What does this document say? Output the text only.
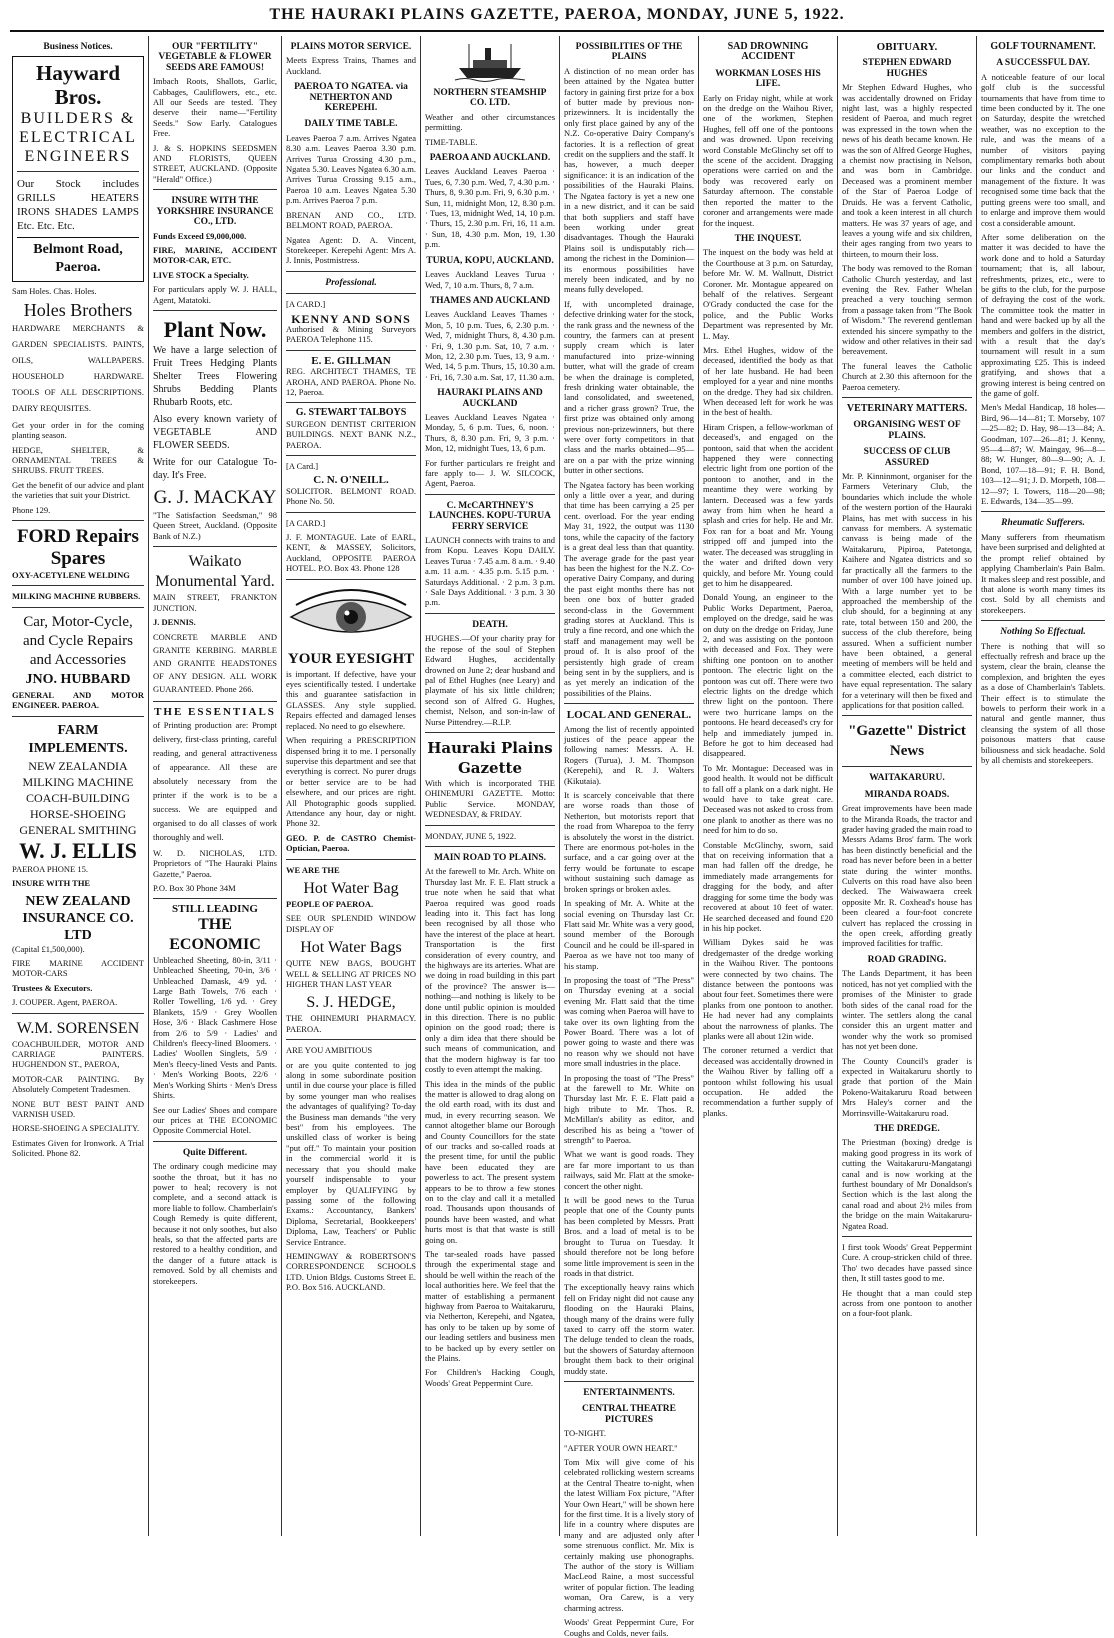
THE HAURAKI PLAINS GAZETTE, PAEROA, MONDAY, JUNE 5, 1922.
Business Notices.
Hayward Bros.
BUILDERS &
ELECTRICAL
ENGINEERS

Our Stock includes GRILLS HEATERS IRONS SHADES LAMPS Etc. Etc. Etc.

Belmont Road, Paeroa.

Sam Holes. Chas. Holes.

Holes Brothers

HARDWARE MERCHANTS & GARDEN SPECIALISTS. PAINTS, OILS, WALLPAPERS. HOUSEHOLD HARDWARE. TOOLS OF ALL DESCRIPTIONS. DAIRY REQUISITES.

Get your order in for the coming planting season.

HEDGE, SHELTER, & ORNAMENTAL TREES & SHRUBS. FRUIT TREES.

Get the benefit of our advice and plant the varieties that suit your District.

Phone 129.

FORD Repairs Spares

OXY-ACETYLENE WELDING

MILKING MACHINE RUBBERS.

Car, Motor-Cycle, and Cycle Repairs and Accessories
JNO. HUBBARD

GENERAL AND MOTOR ENGINEER. PAEROA.

FARM IMPLEMENTS.
NEW ZEALANDIA MILKING MACHINE
COACH-BUILDING HORSE-SHOEING GENERAL SMITHING
W. J. ELLIS

PAEROA PHONE 15.

INSURE WITH THE

NEW ZEALAND INSURANCE CO. LTD

(Capital £1,500,000).

FIRE MARINE ACCIDENT MOTOR-CARS

Trustees & Executors.

J. COUPER. Agent, PAEROA.

W.M. SORENSEN

COACHBUILDER, MOTOR AND CARRIAGE PAINTERS. HUGHENDON ST., PAEROA,

MOTOR-CAR PAINTING. By Absolutely Competent Tradesmen.

NONE BUT BEST PAINT AND VARNISH USED.

HORSE-SHOEING A SPECIALITY.

Estimates Given for Ironwork. A Trial Solicited. Phone 82.

OUR "FERTILITY" VEGETABLE & FLOWER SEEDS ARE FAMOUS!

Imbach Roots, Shallots, Garlic, Cabbages, Cauliflowers, etc., etc. All our Seeds are tested. They deserve their name—"Fertility Seeds." Sow Early. Catalogues Free.

J. & S. HOPKINS SEEDSMEN AND FLORISTS, QUEEN STREET, AUCKLAND. (Opposite "Herald" Office.)

INSURE WITH THE YORKSHIRE INSURANCE CO., LTD.

Funds Exceed £9,000,000.

FIRE, MARINE, ACCIDENT MOTOR-CAR, ETC.

LIVE STOCK a Specialty.

For particulars apply W. J. HALL, Agent, Matatoki.

Plant Now.

We have a large selection of Fruit Trees Hedging Plants Shelter Trees Flowering Shrubs Bedding Plants Rhubarb Roots, etc.

Also every known variety of VEGETABLE AND FLOWER SEEDS.

Write for our Catalogue To-day. It's Free.

G. J. MACKAY

"The Satisfaction Seedsman," 98 Queen Street, Auckland. (Opposite Bank of N.Z.)

Waikato Monumental Yard.

MAIN STREET, FRANKTON JUNCTION.

J. DENNIS.

CONCRETE MARBLE AND GRANITE KERBING. MARBLE AND GRANITE HEADSTONES OF ANY DESIGN. ALL WORK GUARANTEED. Phone 266.

THE ESSENTIALS

of Printing production are: Prompt delivery, first-class printing, careful reading, and general attractiveness of appearance. All these are absolutely necessary from the printer if the work is to be a success. We are equipped and organised to do all classes of work thoroughly and well.

W. D. NICHOLAS, LTD. Proprietors of "The Hauraki Plains Gazette," Paeroa.

P.O. Box 30 Phone 34M

STILL LEADING
THE ECONOMIC

Unbleached Sheeting, 80-in, 3/11 · Unbleached Sheeting, 70-in, 3/6 · Unbleached Damask, 4/9 yd. · Large Bath Towels, 7/6 each · Roller Towelling, 1/6 yd. · Grey Blankets, 15/9 · Grey Woollen Hose, 3/6 · Black Cashmere Hose from 2/6 to 5/9 · Ladies' and Children's fleecy-lined Bloomers. · Ladies' Woollen Singlets, 5/9 · Men's fleecy-lined Vests and Pants. · Men's Working Boots, 22/6 · Men's Working Shirts · Men's Dress Shirts.

See our Ladies' Shoes and compare our prices at THE ECONOMIC Opposite Commercial Hotel.

Quite Different.

The ordinary cough medicine may soothe the throat, but it has no power to heal; recovery is not complete, and a second attack is more liable to follow. Chamberlain's Cough Remedy is quite different, because it not only soothes, but also heals, so that the affected parts are restored to a healthy condition, and the danger of a future attack is removed. Sold by all chemists and storekeepers.

PLAINS MOTOR SERVICE.

Meets Express Trains, Thames and Auckland.

PAEROA TO NGATEA. via NETHERTON AND KEREPEHI.
DAILY TIME TABLE.

Leaves Paeroa 7 a.m. Arrives Ngatea 8.30 a.m. Leaves Paeroa 3.30 p.m. Arrives Turua Crossing 4.30 p.m., Ngatea 5.30. Leaves Ngatea 6.30 a.m. Arrives Turua Crossing 9.15 a.m., Paeroa 10 a.m. Leaves Ngatea 5.30 p.m. Arrives Paeroa 7 p.m.

BRENAN AND CO., LTD. BELMONT ROAD, PAEROA.

Ngatea Agent: D. A. Vincent, Storekeeper. Kerepehi Agent: Mrs A. J. Innis, Postmistress.

Professional.

[A CARD.]

KENNY AND SONS

Authorised & Mining Surveyors PAEROA Telephone 115.

E. E. GILLMAN

REG. ARCHITECT THAMES, TE AROHA, AND PAEROA. Phone No. 12, Paeroa.

G. STEWART TALBOYS

SURGEON DENTIST CRITERION BUILDINGS. NEXT BANK N.Z., PAEROA.

[A Card.]

C. N. O'NEILL.

SOLICITOR. BELMONT ROAD. Phone No. 50.

[A CARD.]

J. F. MONTAGUE. Late of EARL, KENT, & MASSEY, Solicitors, Auckland, OPPOSITE PAEROA HOTEL. P.O. Box 43. Phone 128

YOUR EYESIGHT

is important. If defective, have your eyes scientifically tested. I undertake this and guarantee satisfaction in GLASSES. Any style supplied. Repairs effected and damaged lenses replaced. No need to go elsewhere.

When requiring a PRESCRIPTION dispensed bring it to me. I personally supervise this department and see that everything is correct. No purer drugs or better service are to be had elsewhere, and our prices are right. All Photographic goods supplied. Attendance any hour, day or night. Phone 32.

GEO. P. de CASTRO Chemist-Optician, Paeroa.

WE ARE THE

Hot Water Bag

PEOPLE OF PAEROA.

SEE OUR SPLENDID WINDOW DISPLAY OF

Hot Water Bags

QUITE NEW BAGS, BOUGHT WELL & SELLING AT PRICES NO HIGHER THAN LAST YEAR

S. J. HEDGE,

THE OHINEMURI PHARMACY. PAEROA.

ARE YOU AMBITIOUS

or are you quite contented to jog along in some subordinate position until in due course your place is filled by some younger man who realises the advantages of qualifying? To-day the Business man demands "the very best" from his employees. The unskilled class of worker is being "put off." To maintain your position in the commercial world it is necessary that you should make yourself indispensable to your employer by QUALIFYING by passing some of the following Exams.: Accountancy, Bankers' Diploma, Secretarial, Bookkeepers' Diploma, Law, Teachers' or Public Service Entrance.

HEMINGWAY & ROBERTSON'S CORRESPONDENCE SCHOOLS LTD. Union Bldgs. Customs Street E. P.O. Box 516. AUCKLAND.

NORTHERN STEAMSHIP CO. LTD.

Weather and other circumstances permitting.

TIME-TABLE.

PAEROA AND AUCKLAND.

Leaves Auckland Leaves Paeroa · Tues, 6, 7.30 p.m. Wed, 7, 4.30 p.m. · Thurs, 8, 9.30 p.m. Fri, 9, 6.30 p.m. · Sun, 11, midnight Mon, 12, 8.30 p.m. · Tues, 13, midnight Wed, 14, 10 p.m. · Thurs, 15, 2.30 p.m. Fri, 16, 11 a.m. · Sun, 18, 4.30 p.m. Mon, 19, 1.30 p.m.

TURUA, KOPU, AUCKLAND.

Leaves Auckland Leaves Turua · Wed, 7, 10 a.m. Thurs, 8, 7 a.m.

THAMES AND AUCKLAND

Leaves Auckland Leaves Thames · Mon, 5, 10 p.m. Tues, 6, 2.30 p.m. · Wed, 7, midnight Thurs, 8, 4.30 p.m. · Fri, 9, 1.30 p.m. Sat, 10, 7 a.m. · Mon, 12, 2.30 p.m. Tues, 13, 9 a.m. · Wed, 14, 5 p.m. Thurs, 15, 10.30 a.m. · Fri, 16, 7.30 a.m. Sat, 17, 11.30 a.m.

HAURAKI PLAINS AND AUCKLAND

Leaves Auckland Leaves Ngatea · Monday, 5, 6 p.m. Tues, 6, noon. · Thurs, 8, 8.30 p.m. Fri, 9, 3 p.m. · Mon, 12, midnight Tues, 13, 6 p.m.

For further particulars re freight and fare apply to— J. W. SILCOCK, Agent, Paeroa.

C. McCARTHNEY'S LAUNCHES. KOPU-TURUA FERRY SERVICE

LAUNCH connects with trains to and from Kopu. Leaves Kopu DAILY. Leaves Turua · 7.45 a.m. 8 a.m. · 9.40 a.m. 11 a.m. · 4.35 p.m. 5.15 p.m. · Saturdays Additional. · 2 p.m. 3 p.m. · Sale Days Additional. · 3 p.m. 3 30 p.m.

DEATH.

HUGHES.—Of your charity pray for the repose of the soul of Stephen Edward Hughes, accidentally drowned on June 2; dear husband and pal of Ethel Hughes (nee Leary) and playmate of his six little children; second son of Alfred G. Hughes, chemist, Nelson, and son-in-law of Nurse Pittendrey.—R.I.P.

Hauraki Plains Gazette

With which is incorporated THE OHINEMURI GAZETTE. Motto: Public Service. MONDAY, WEDNESDAY, & FRIDAY.

MONDAY, JUNE 5, 1922.

MAIN ROAD TO PLAINS.

At the farewell to Mr. Arch. White on Thursday last Mr. F. E. Flatt struck a true note when he said that what Paeroa required was good roads leading into it. This fact has long been recognised by all those who have the interest of the place at heart. Transportation is the first consideration of every country, and the highways are its arteries. What are we doing in road building in this part of the province? The answer is—nothing—and nothing is likely to be done until public opinion is moulded in this direction. There is no public opinion on the good road; there is only a dim idea that there should be such means of communication, and that the modern highway is far too costly to even attempt the making.

This idea in the minds of the public the matter is allowed to drag along on the old earth road, with its dust and mud, in every recurring season. We cannot altogether blame our Borough and County Councillors for the state of our tracks and so-called roads at the present time, for until the public have been educated they are powerless to act. The present system appears to be to throw a few stones on to the clay and call it a metalled road. Thousands upon thousands of pounds have been wasted, and what hurts most is that that waste is still going on.

The tar-sealed roads have passed through the experimental stage and should be well within the reach of the local authorities here. We feel that the matter of establishing a permanent highway from Paeroa to Waitakaruru, via Netherton, Kerepehi, and Ngatea, has only to be taken up by some of our leading settlers and business men to be backed up by every settler on the Plains.

For Children's Hacking Cough, Woods' Great Peppermint Cure.

POSSIBILITIES OF THE PLAINS

A distinction of no mean order has been attained by the Ngatea butter factory in gaining first prize for a box of butter made by previous non-prizewinners. It is incidentally the only first place gained by any of the N.Z. Co-operative Dairy Company's factories. It is a reflection of great credit on the suppliers and the staff. It has, however, a much deeper significance: it is an indication of the possibilities of the Hauraki Plains. The Ngatea factory is yet a new one in a new district, and it can be said that both suppliers and staff have been working under great disadvantages. Though the Hauraki Plains soil is undisputably rich—among the richest in the Dominion—its enormous possibilities have merely been indicated, and by no means fully developed.

If, with uncompleted drainage, defective drinking water for the stock, the rank grass and the newness of the country, the farmers can at present supply cream which is later manufactured into prize-winning butter, what will the grade of cream be when the drainage is completed, fresh drinking water obtainable, the land consolidated, and sweetened, and a richer grass grown? True, the first prize was obtained only among previous non-prizewinners, but there were over forty competitors in that class and the marks obtained—95—are on a par with the prize winning butter in other sections.

The Ngatea factory has been working only a little over a year, and during that time has been carrying a 25 per cent. overload. For the year ending May 31, 1922, the output was 1130 tons, while the capacity of the factory is a great deal less than that quantity. The average grade for the past year has been the highest for the N.Z. Co-operative Dairy Company, and during the past eight months there has not been one box of butter graded second-class in the Government grading stores at Auckland. This is truly a fine record, and one which the staff and management may well be proud of. It is also proof of the persistently high grade of cream being sent in by the suppliers, and is as yet merely an indication of the possibilities of the Plains.

LOCAL AND GENERAL.

Among the list of recently appointed justices of the peace appear the following names: Messrs. A. H. Rogers (Turua), J. M. Thompson (Kerepehi), and R. J. Walters (Kikutaia).

It is scarcely conceivable that there are worse roads than those of Netherton, but motorists report that the road from Wharepoa to the ferry is absolutely the worst in the district. There are enormous pot-holes in the surface, and a car going over at the ferry would be fortunate to escape without sustaining such damage as broken springs or broken axles.

In speaking of Mr. A. White at the social evening on Thursday last Cr. Flatt said Mr. White was a very good, sound member of the Borough Council and he could be ill-spared in Paeroa as we have not too many of his stamp.

In proposing the toast of "The Press" on Thursday evening at a social evening Mr. Flatt said that the time was coming when Paeroa will have to take over its own lighting from the Power Board. There was a lot of power going to waste and there was no reason why we should not have more small industries in the place.

In proposing the toast of "The Press" at the farewell to Mr. White on Thursday last Mr. F. E. Flatt paid a high tribute to Mr. Thos. R. McMillan's ability as editor, and described his as being a "tower of strength" to Paeroa.

What we want is good roads. They are far more important to us than railways, said Mr. Flatt at the smoke-concert the other night.

It will be good news to the Turua people that one of the County punts has been completed by Messrs. Pratt Bros. and a load of metal is to be brought to Turua on Tuesday. It should therefore not be long before some little improvement is seen in the roads in that district.

The exceptionally heavy rains which fell on Friday night did not cause any flooding on the Hauraki Plains, though many of the drains were fully taxed to carry off the storm water. The deluge tended to clean the roads, but the showers of Saturday afternoon brought them back to their original muddy state.

ENTERTAINMENTS.
CENTRAL THEATRE PICTURES

TO-NIGHT.

"AFTER YOUR OWN HEART."

Tom Mix will give come of his celebrated rollicking western screams at the Central Theatre to-night, when the latest William Fox picture, "After Your Own Heart," will be shown here for the first time. It is a lively story of life in a country where disputes are many and are adjusted only after some strenuous conflict. Mr. Mix is certainly making use phonographs. The author of the story is William MacLeod Raine, a most successful writer of popular fiction. The leading woman, Ora Carew, is a very charming actress.

Woods' Great Peppermint Cure, For Coughs and Colds, never fails.

SAD DROWNING ACCIDENT
WORKMAN LOSES HIS LIFE.

Early on Friday night, while at work on the dredge on the Waihou River, one of the workmen, Stephen Hughes, fell off one of the pontoons and was drowned. Upon receiving word Constable McGlinchy set off to the scene of the accident. Dragging operations were carried on and the body was recovered early on Saturday afternoon. The constable then reported the matter to the coroner and arrangements were made for the inquest.

THE INQUEST.

The inquest on the body was held at the Courthouse at 3 p.m. on Saturday, before Mr. W. M. Wallnutt, District Coroner. Mr. Montague appeared on behalf of the relatives. Sergeant O'Grady conducted the case for the police, and the Public Works Department was represented by Mr. L. May.

Mrs. Ethel Hughes, widow of the deceased, identified the body as that of her late husband. He had been employed for a year and nine months on the dredge. They had six children. When deceased left for work he was in the best of health.

Hiram Crispen, a fellow-workman of deceased's, and engaged on the pontoon, said that when the accident happened they were connecting electric light from one portion of the pontoon to another, and in the meantime they were working by lantern. Deceased was a few yards away from him when he heard a splash and cries for help. He and Mr. Fox ran for a boat and Mr. Young stripped off and jumped into the water. The deceased was struggling in the water and drifted down very quickly, and before Mr. Young could get to him he disappeared.

Donald Young, an engineer to the Public Works Department, Paeroa, employed on the dredge, said he was on duty on the dredge on Friday, June 2, and was assisting on the pontoon with deceased and Fox. They were shifting one pontoon on to another pontoon. The electric light on the pontoon was cut off. There were two electric lights on the dredge which threw light on the pontoon. There were two hurricane lamps on the pontoons. He heard deceased's cry for help and immediately jumped in. Before he got to him deceased had disappeared.

To Mr. Montague: Deceased was in good health. It would not be difficult to fall off a plank on a dark night. He would have to take great care. Deceased was not asked to cross from one plank to another as there was no need for him to do so.

Constable McGlinchy, sworn, said that on receiving information that a man had fallen off the dredge, he immediately made arrangements for dragging for the body, and after dragging for some time the body was recovered at about 10 feet of water. He searched deceased and found £20 in his hip pocket.

William Dykes said he was dredgemaster of the dredge working in the Waihou River. The pontoons were connected by two chains. The distance between the pontoons was about four feet. Sometimes there were planks from one pontoon to another. He had never had any complaints about the narrowness of planks. The planks were all about 12in wide.

The coroner returned a verdict that deceased was accidentally drowned in the Waihou River by falling off a pontoon whilst following his usual occupation. He added the recommendation a further supply of planks.

OBITUARY.
STEPHEN EDWARD HUGHES

Mr Stephen Edward Hughes, who was accidentally drowned on Friday night last, was a highly respected resident of Paeroa, and much regret was expressed in the town when the news of his death became known. He was the son of Alfred George Hughes, a chemist now practising in Nelson, and was born in Cambridge. Deceased was a prominent member of the Star of Paeroa Lodge of Druids. He was a fervent Catholic, and took a keen interest in all church matters. He was 37 years of age, and leaves a young wife and six children, their ages ranging from two years to thirteen, to mourn their loss.

The body was removed to the Roman Catholic Church yesterday, and last evening the Rev. Father Whelan preached a very touching sermon from a passage taken from "The Book of Wisdom." The reverend gentleman extended his sincere sympathy to the widow and other relatives in their sad bereavement.

The funeral leaves the Catholic Church at 2.30 this afternoon for the Paeroa cemetery.

VETERINARY MATTERS.
ORGANISING WEST OF PLAINS.
SUCCESS OF CLUB ASSURED

Mr. P. Kinninmont, organiser for the Farmers Veterinary Club, the boundaries which include the whole of the western portion of the Hauraki Plains, has met with success in his canvass for members. A systematic canvass is being made of the Waitakaruru, Pipiroa, Patetonga, Kaihere and Ngatea districts and so far practically all the farmers to the number of over 100 have joined up. With a large number yet to be approached the membership of the club should, for a beginning at any rate, total between 150 and 200, the success of the club therefore, being assured. When a sufficient number have been obtained, a general meeting of members will be held and a committee elected, each district to have equal representation. The salary for a veterinary will then be fixed and applications for that position called.

"Gazette" District News
WAITAKARURU.
MIRANDA ROADS.

Great improvements have been made to the Miranda Roads, the tractor and grader having graded the main road to Messrs Adams Bros' farm. The work has been distinctly beneficial and the road has never before been in a better state during the winter months. Culverts on this road have also been decked. The Waiwawaera creek opposite Mr. R. Coxhead's house has been cleared a four-foot concrete culvert has replaced the crossing in the open creek, affording greatly improved facilities for traffic.

ROAD GRADING.

The Lands Department, it has been noticed, has not yet complied with the promises of the Minister to grade both sides of the canal road for the winter. The settlers along the canal consider this an urgent matter and wonder why the work so promised has not yet been done.

The County Council's grader is expected in Waitakaruru shortly to grade that portion of the Main Pokeno-Waitakaruru Road between Mrs Haley's corner and the Morrinsville-Waitakaruru road.

THE DREDGE.

The Priestman (boxing) dredge is making good progress in its work of cutting the Waitakaruru-Mangatangi canal and is now working at the furthest boundary of Mr Donaldson's Section which is the last along the canal road and about 2½ miles from the bridge on the main Waitakaruru-Ngatea Road.

I first took Woods' Great Peppermint Cure. A croup-stricken child of three. Tho' two decades have passed since then, It still tastes good to me.

He thought that a man could step across from one pontoon to another on a four-foot plank.

GOLF TOURNAMENT.
A SUCCESSFUL DAY.

A noticeable feature of our local golf club is the successful tournaments that have from time to time been conducted by it. The one on Saturday, despite the wretched weather, was no exception to the rule, and was the means of a number of visitors paying complimentary remarks both about our links and the conduct and management of the fixture. It was recognised some time back that the putting greens were too small, and to enlarge and improve them would cost a considerable amount.

After some deliberation on the matter it was decided to have the work done and to hold a Saturday tournament; that is, all labour, refreshments, prizes, etc., were to be gifts to the club, for the purpose of defraying the cost of the work. The committee took the matter in hand and were backed up by all the members and golfers in the district, with a result that the day's tournament will result in a sum approximating £25. This is indeed gratifying, and shows that a growing interest is being centred on the game of golf.

Men's Medal Handicap, 18 holes—Bird, 96—14—81; T. Morseby, 107—25—82; D. Hay, 98—13—84; A. Goodman, 107—26—81; J. Kenny, 95—4—87; W. Maingay, 96—8—88; W. Hunger, 80—9—90; A. J. Bond, 107—18—91; F. H. Bond, 103—12—91; J. D. Morpeth, 108—12—97; I. Towers, 118—20—98; E. Edwards, 134—35—99.

Rheumatic Sufferers.

Many sufferers from rheumatism have been surprised and delighted at the prompt relief obtained by applying Chamberlain's Pain Balm. It makes sleep and rest possible, and that alone is worth many times its cost. Sold by all chemists and storekeepers.

Nothing So Effectual.

There is nothing that will so effectually refresh and brace up the system, clear the brain, cleanse the complexion, and brighten the eyes as a dose of Chamberlain's Tablets. Their effect is to stimulate the bowels to perform their work in a natural and gentle manner, thus cleansing the system of all those poisonous matters that cause biliousness and sick headache. Sold by all chemists and storekeepers.
